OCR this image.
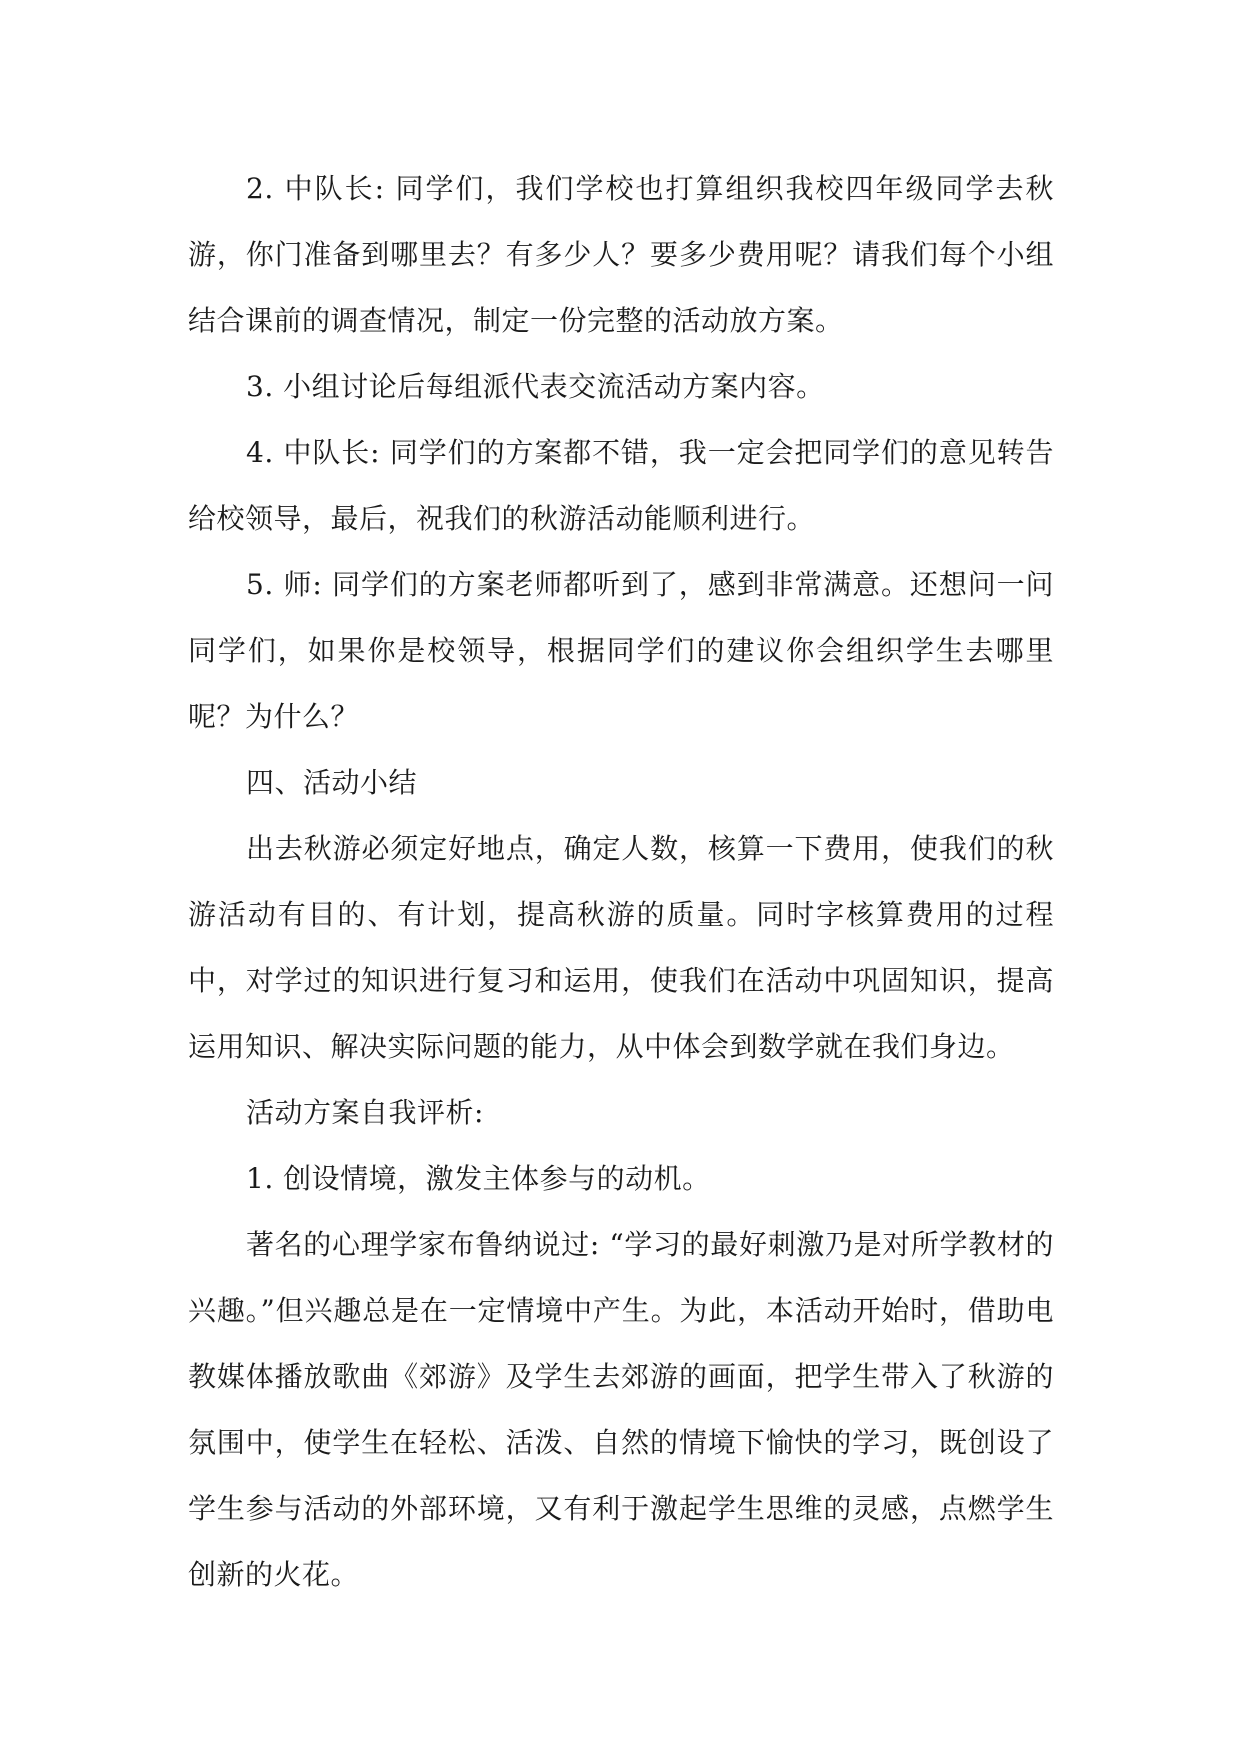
2. 中队长: 同学们，我们学校也打算组织我校四年级同学去秋游，你门准备到哪里去？有多少人？要多少费用呢？请我们每个小组结合课前的调查情况，制定一份完整的活动放方案。

3. 小组讨论后每组派代表交流活动方案内容。

4. 中队长: 同学们的方案都不错，我一定会把同学们的意见转告给校领导，最后，祝我们的秋游活动能顺利进行。

5. 师: 同学们的方案老师都听到了，感到非常满意。还想问一问同学们，如果你是校领导，根据同学们的建议你会组织学生去哪里呢？为什么？

四、活动小结

出去秋游必须定好地点，确定人数，核算一下费用，使我们的秋游活动有目的、有计划，提高秋游的质量。同时字核算费用的过程中，对学过的知识进行复习和运用，使我们在活动中巩固知识，提高运用知识、解决实际问题的能力，从中体会到数学就在我们身边。

活动方案自我评析:

1. 创设情境，激发主体参与的动机。

著名的心理学家布鲁纳说过: “学习的最好刺激乃是对所学教材的兴趣。”但兴趣总是在一定情境中产生。为此，本活动开始时，借助电教媒体播放歌曲《郊游》及学生去郊游的画面，把学生带入了秋游的氛围中，使学生在轻松、活泼、自然的情境下愉快的学习，既创设了学生参与活动的外部环境，又有利于激起学生思维的灵感，点燃学生创新的火花。
